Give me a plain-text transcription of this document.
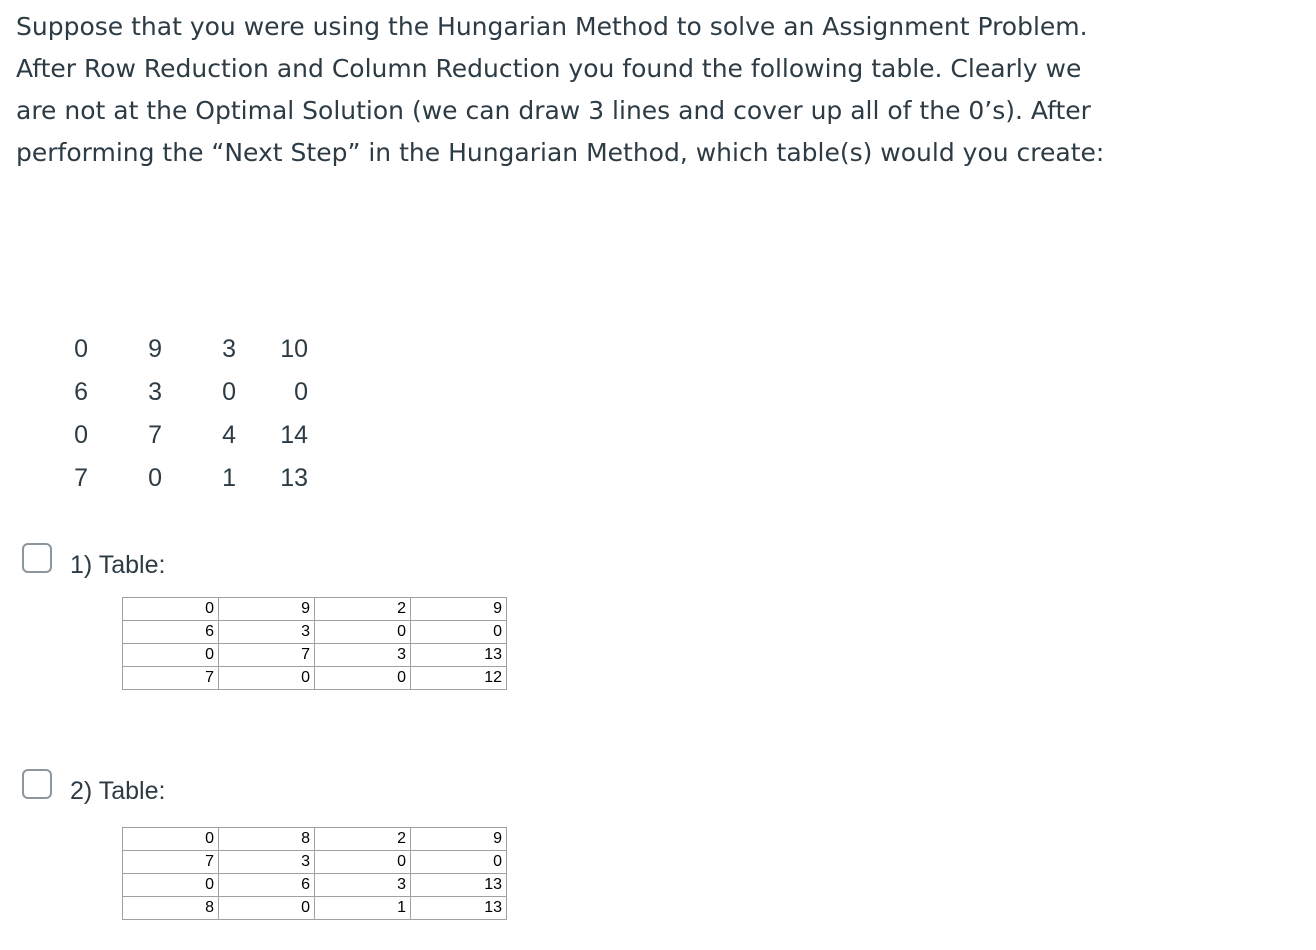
Suppose that you were using the Hungarian Method to solve an Assignment Problem. After Row Reduction and Column Reduction you found the following table. Clearly we are not at the Optimal Solution (we can draw 3 lines and cover up all of the 0’s). After performing the “Next Step” in the Hungarian Method, which table(s) would you create:
0	9	3	10
6	3	0	0
0	7	4	14
7	0	1	13
1) Table:
0	9	2	9
6	3	0	0
0	7	3	13
7	0	0	12
2) Table:
0	8	2	9
7	3	0	0
0	6	3	13
8	0	1	13
